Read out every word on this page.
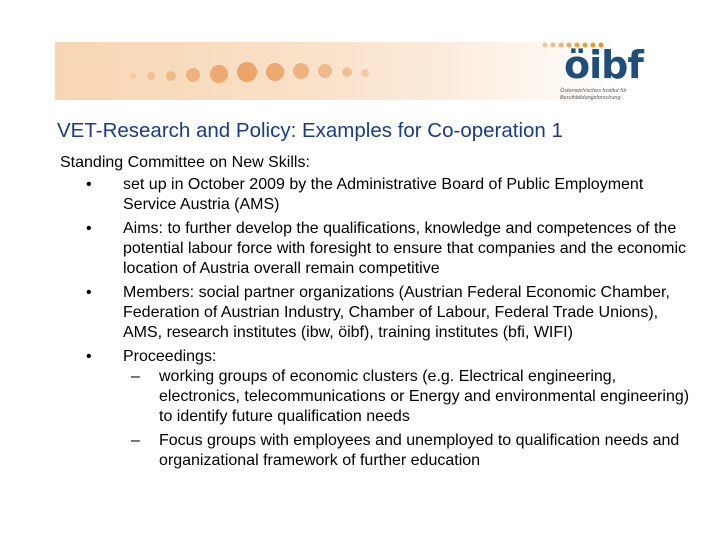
öibf
Österreichisches Institut für Berufsbildungsforschung
VET-Research and Policy: Examples for Co-operation 1

Standing Committee on New Skills:

• set up in October 2009 by the Administrative Board of Public Employment Service Austria (AMS)
• Aims: to further develop the qualifications, knowledge and competences of the potential labour force with foresight to ensure that companies and the economic location of Austria overall remain competitive
• Members: social partner organizations (Austrian Federal Economic Chamber, Federation of Austrian Industry, Chamber of Labour, Federal Trade Unions), AMS, research institutes (ibw, öibf), training institutes (bfi, WIFI)
• Proceedings:
– working groups of economic clusters (e.g. Electrical engineering, electronics, telecommunications or Energy and environmental engineering) to identify future qualification needs
– Focus groups with employees and unemployed to qualification needs and organizational framework of further education
